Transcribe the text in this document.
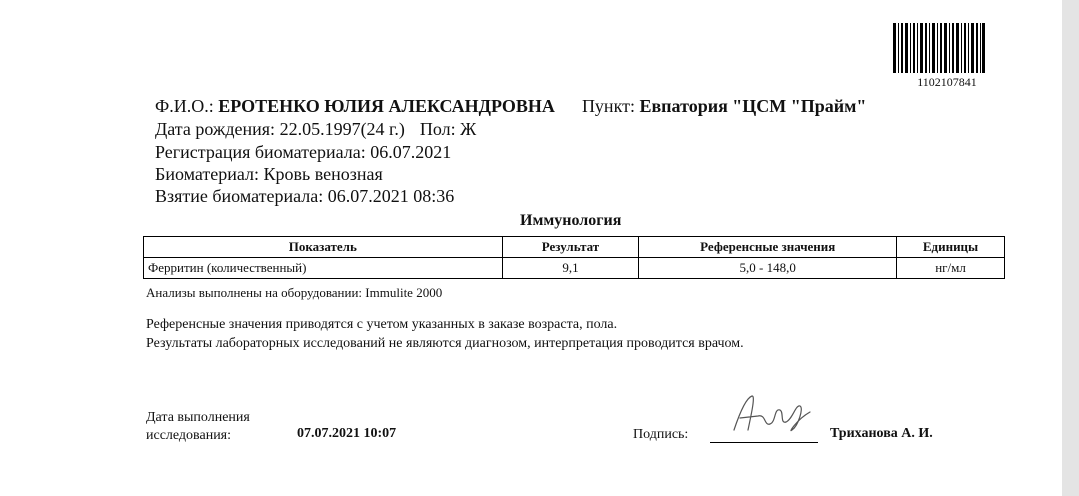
1102107841
Ф.И.О.: ЕРОТЕНКО ЮЛИЯ АЛЕКСАНДРОВНА Пункт: Евпатория "ЦСМ "Прайм"
Дата рождения: 22.05.1997(24 г.) Пол: Ж
Регистрация биоматериала: 06.07.2021
Биоматериал: Кровь венозная
Взятие биоматериала: 06.07.2021 08:36
Иммунология
Показатель	Результат	Референсные значения	Единицы
Ферритин (количественный)	9,1	5,0 - 148,0	нг/мл
Анализы выполнены на оборудовании: Immulite 2000
Референсные значения приводятся с учетом указанных в заказе возраста, пола.
Результаты лабораторных исследований не являются диагнозом, интерпретация проводится врачом.
Дата выполнения
исследования:	07.07.2021 10:07	Подпись:	Триханова А. И.
